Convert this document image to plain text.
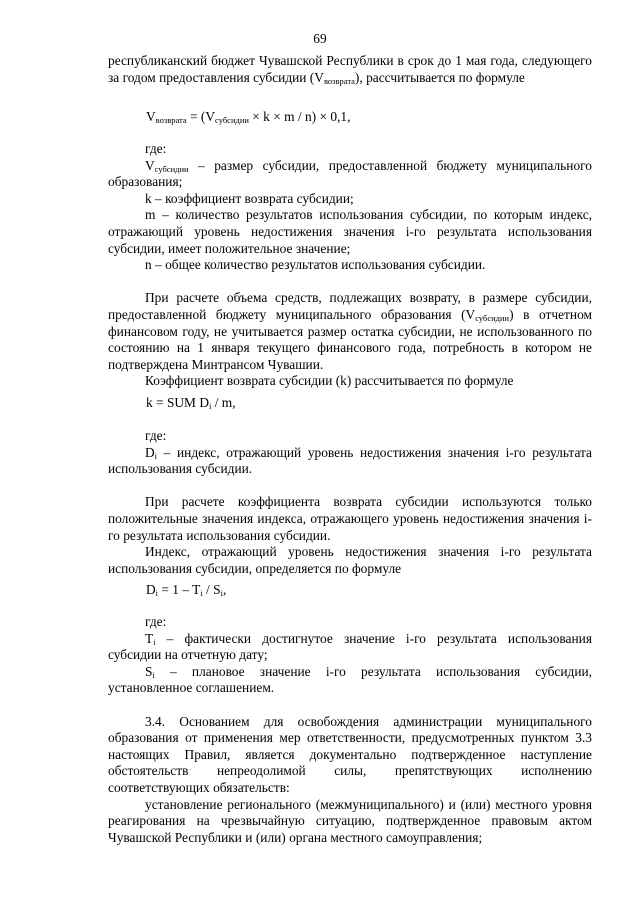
69

республиканский бюджет Чувашской Республики в срок до 1 мая года, следующего за годом предоставления субсидии $(V_{возврата})$, рассчитывается по формуле

$V_{возврата} = (V_{субсидии} \times k \times m / n) \times 0,1$,

где:

$V_{субсидии}$ – размер субсидии, предоставленной бюджету муниципального образования;

k – коэффициент возврата субсидии;

m – количество результатов использования субсидии, по которым индекс, отражающий уровень недостижения значения i-го результата использования субсидии, имеет положительное значение;

n – общее количество результатов использования субсидии.

При расчете объема средств, подлежащих возврату, в размере субсидии, предоставленной бюджету муниципального образования $(V_{субсидии})$ в отчетном финансовом году, не учитывается размер остатка субсидии, не использованного по состоянию на 1 января текущего финансового года, потребность в котором не подтверждена Минтрансом Чувашии.

Коэффициент возврата субсидии (k) рассчитывается по формуле

k = SUM $D_i$ / m,

где:

$D_i$ – индекс, отражающий уровень недостижения значения i-го результата использования субсидии.

При расчете коэффициента возврата субсидии используются только положительные значения индекса, отражающего уровень недостижения значения i-го результата использования субсидии.

Индекс, отражающий уровень недостижения значения i-го результата использования субсидии, определяется по формуле

$D_i = 1 - T_i / S_i$,

где:

$T_i$ – фактически достигнутое значение i-го результата использования субсидии на отчетную дату;

$S_i$ – плановое значение i-го результата использования субсидии, установленное соглашением.

3.4. Основанием для освобождения администрации муниципального образования от применения мер ответственности, предусмотренных пунктом 3.3 настоящих Правил, является документально подтвержденное наступление обстоятельств непреодолимой силы, препятствующих исполнению соответствующих обязательств:

установление регионального (межмуниципального) и (или) местного уровня реагирования на чрезвычайную ситуацию, подтвержденное правовым актом Чувашской Республики и (или) органа местного самоуправления;
